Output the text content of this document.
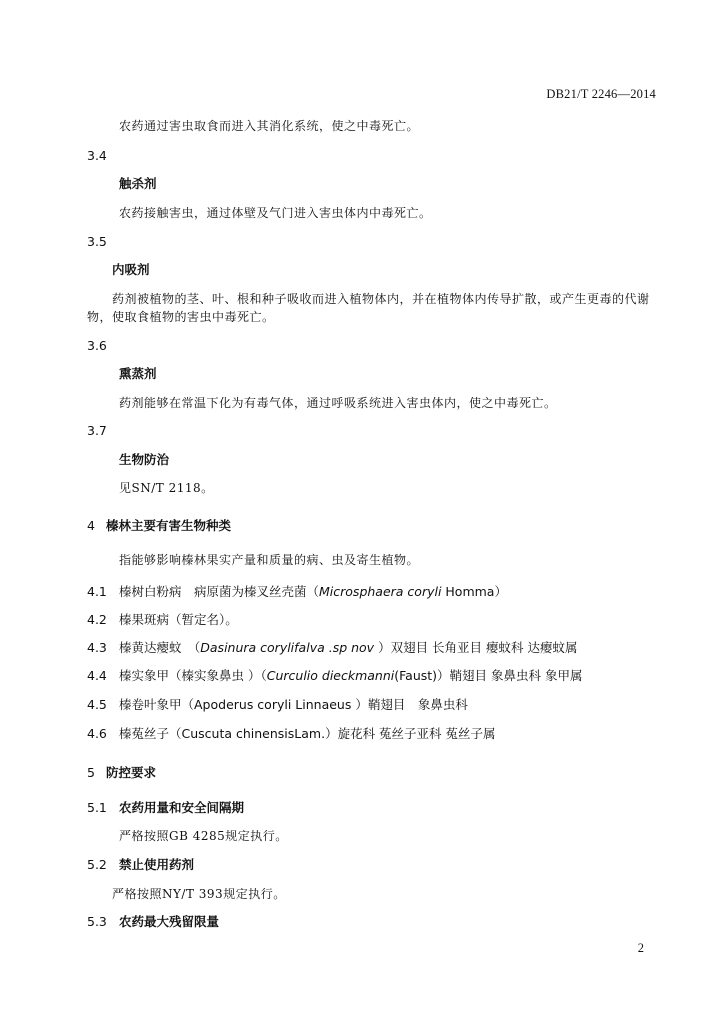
DB21/T 2246—2014
农药通过害虫取食而进入其消化系统，使之中毒死亡。
3.4
触杀剂
农药接触害虫，通过体壁及气门进入害虫体内中毒死亡。
3.5
内吸剂
药剂被植物的茎、叶、根和种子吸收而进入植物体内，并在植物体内传导扩散，或产生更毒的代谢
物，使取食植物的害虫中毒死亡。
3.6
熏蒸剂
药剂能够在常温下化为有毒气体，通过呼吸系统进入害虫体内，使之中毒死亡。
3.7
生物防治
见SN/T 2118。
4 榛林主要有害生物种类
指能够影响榛林果实产量和质量的病、虫及寄生植物。
4.1 榛树白粉病　病原菌为榛叉丝壳菌（Microsphaera coryli Homma）
4.2 榛果斑病（暂定名）。
4.3 榛黄达瘿蚊　（Dasinura corylifalva .sp nov ）双翅目 长角亚目 瘿蚊科 达瘿蚊属
4.4 榛实象甲（榛实象鼻虫 ）（Curculio dieckmanni(Faust)）鞘翅目 象鼻虫科 象甲属
4.5 榛卷叶象甲（Apoderus coryli Linnaeus ）鞘翅目　象鼻虫科
4.6 榛菟丝子（Cuscuta chinensisLam.）旋花科 菟丝子亚科 菟丝子属
5 防控要求
5.1 农药用量和安全间隔期
严格按照GB 4285规定执行。
5.2 禁止使用药剂
严格按照NY/T 393规定执行。
5.3 农药最大残留限量
2
